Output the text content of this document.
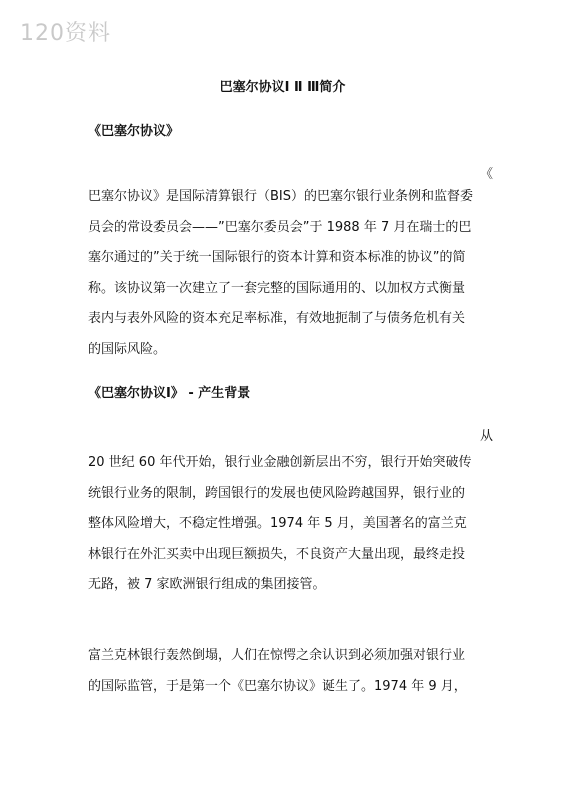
120资料
巴塞尔协议Ⅰ Ⅱ Ⅲ简介
《巴塞尔协议》
《
巴塞尔协议》是国际清算银行（BIS）的巴塞尔银行业条例和监督委
员会的常设委员会——”巴塞尔委员会”于 1988 年 7 月在瑞士的巴
塞尔通过的”关于统一国际银行的资本计算和资本标准的协议”的简
称。该协议第一次建立了一套完整的国际通用的、以加权方式衡量
表内与表外风险的资本充足率标准，有效地扼制了与债务危机有关
的国际风险。
《巴塞尔协议Ⅰ》 - 产生背景
从
20 世纪 60 年代开始，银行业金融创新层出不穷，银行开始突破传
统银行业务的限制，跨国银行的发展也使风险跨越国界，银行业的
整体风险增大，不稳定性增强。1974 年 5 月，美国著名的富兰克
林银行在外汇买卖中出现巨额损失，不良资产大量出现，最终走投
无路，被 7 家欧洲银行组成的集团接管。
富兰克林银行轰然倒塌，人们在惊愕之余认识到必须加强对银行业
的国际监管，于是第一个《巴塞尔协议》诞生了。1974 年 9 月，
